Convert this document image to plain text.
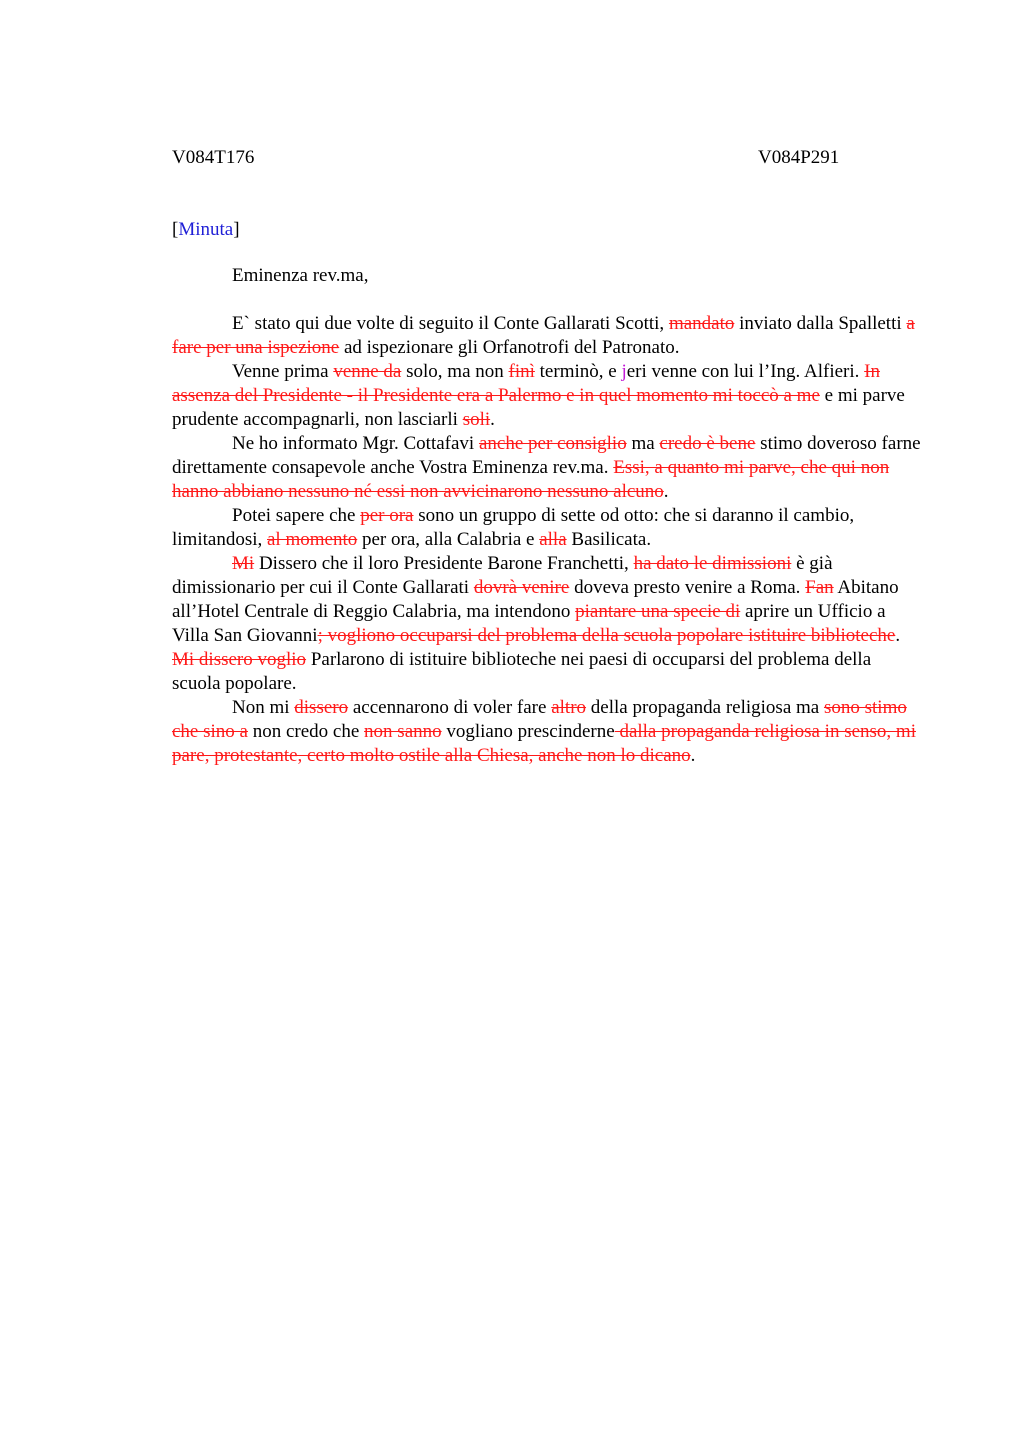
V084T176	V084P291
[Minuta]

Eminenza rev.ma,

E` stato qui due volte di seguito il Conte Gallarati Scotti, mandato inviato dalla Spalletti a fare per una ispezione ad ispezionare gli Orfanotrofi del Patronato.

Venne prima venne da solo, ma non finì terminò, e jeri venne con lui l’Ing. Alfieri. In assenza del Presidente - il Presidente era a Palermo e in quel momento mi toccò a me e mi parve prudente accompagnarli, non lasciarli soli.

Ne ho informato Mgr. Cottafavi anche per consiglio ma credo è bene stimo doveroso farne direttamente consapevole anche Vostra Eminenza rev.ma. Essi, a quanto mi parve, che qui non hanno abbiano nessuno né essi non avvicinarono nessuno alcuno.

Potei sapere che per ora sono un gruppo di sette od otto: che si daranno il cambio, limitandosi, al momento per ora, alla Calabria e alla Basilicata.

Mi Dissero che il loro Presidente Barone Franchetti, ha dato le dimissioni è già dimissionario per cui il Conte Gallarati dovrà venire doveva presto venire a Roma. Fan Abitano all’Hotel Centrale di Reggio Calabria, ma intendono piantare una specie di aprire un Ufficio a Villa San Giovanni; vogliono occuparsi del problema della scuola popolare istituire biblioteche. Mi dissero voglio Parlarono di istituire biblioteche nei paesi di occuparsi del problema della scuola popolare.

Non mi dissero accennarono di voler fare altro della propaganda religiosa ma sono stimo che sino a non credo che non sanno vogliano prescinderne dalla propaganda religiosa in senso, mi pare, protestante, certo molto ostile alla Chiesa, anche non lo dicano.
